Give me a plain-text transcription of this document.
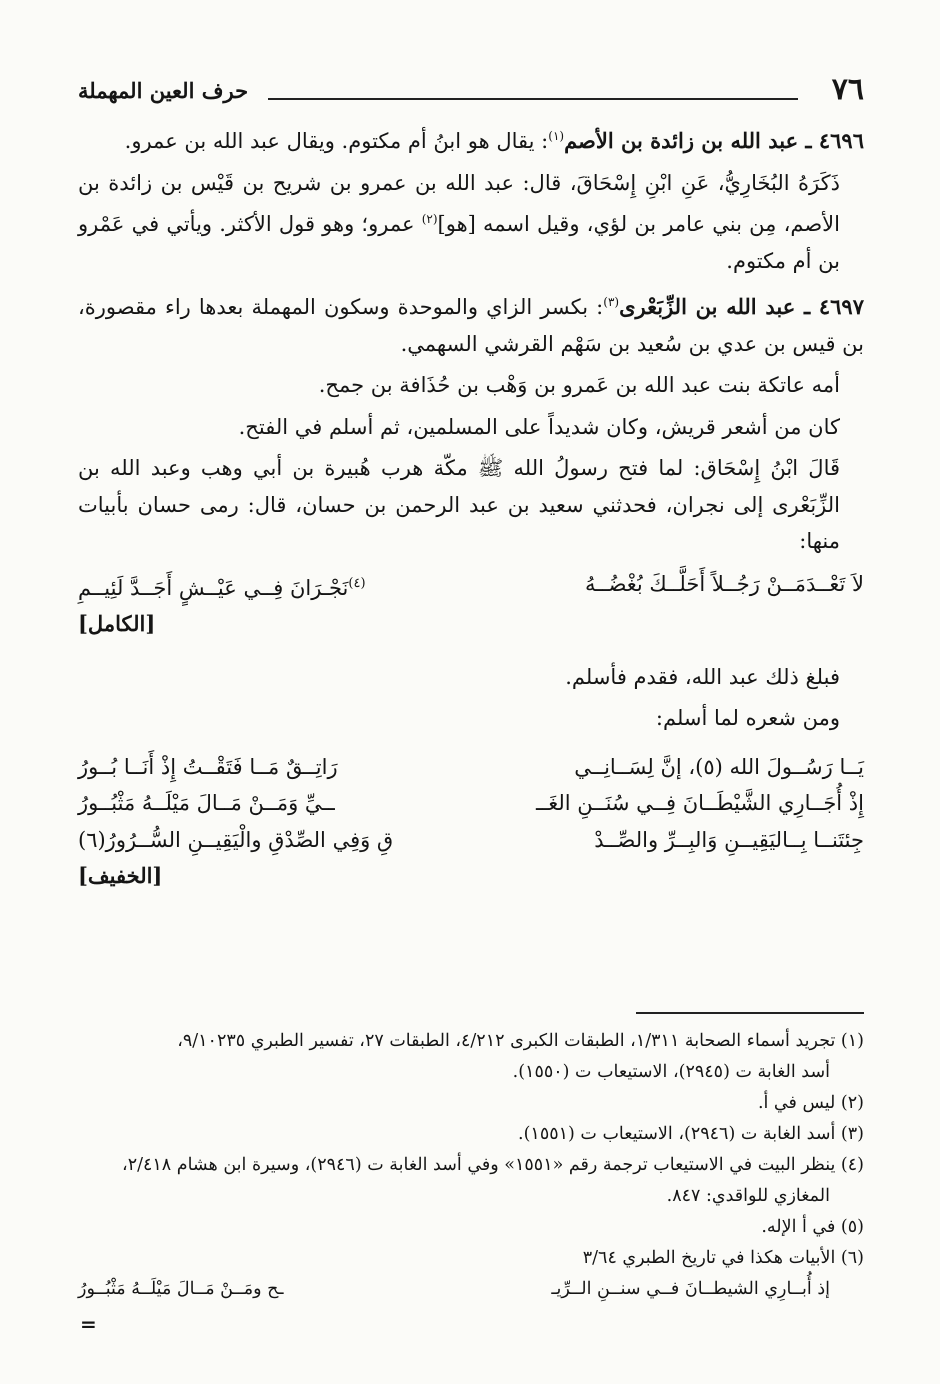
٧٦
حرف العين المهملة

٤٦٩٦ ـ عبد الله بن زائدة بن الأصم$^{(١)}$: يقال هو ابنُ أم مكتوم. ويقال عبد الله بن عمرو.

ذَكَرَهُ البُخَارِيُّ، عَنِ ابْنِ إِسْحَاقَ، قال: عبد الله بن عمرو بن شريح بن قَيْس بن زائدة بن الأصم، مِن بني عامر بن لؤي، وقيل اسمه [هو]$^{(٢)}$ عمرو؛ وهو قول الأكثر. ويأتي في عَمْرو بن أم مكتوم.

٤٦٩٧ ـ عبد الله بن الزِّبَعْرى$^{(٣)}$: بكسر الزاي والموحدة وسكون المهملة بعدها راء مقصورة، بن قيس بن عدي بن سُعيد بن سَهْم القرشي السهمي.

أمه عاتكة بنت عبد الله بن عَمرو بن وَهْب بن حُذَافة بن جمح.

كان من أشعر قريش، وكان شديداً على المسلمين، ثم أسلم في الفتح.

قَالَ ابْنُ إِسْحَاق: لما فتح رسولُ الله ﷺ مكّة هرب هُبيرة بن أبي وهب وعبد الله بن الزِّبَعْرى إلى نجران، فحدثني سعيد بن عبد الرحمن بن حسان، قال: رمى حسان بأبيات منها:

لاَ تَعْــدَمَــنْ رَجُــلاً أَحَلَّــكَ بُغْضُــهُ
$^{(٤)}$نَجْـرَانَ فِــي عَيْــشٍ أَجَــدَّ لَئِيــمِ
[الكامل]

فبلغ ذلك عبد الله، فقدم فأسلم.

ومن شعره لما أسلم:

يَــا رَسُــولَ الله (٥)، إنَّ لِسَــانِــي
رَاتِــقٌ مَــا فَتَقْــتُ إِذْ أَنَــا بُــورُ
إِذْ أُجَــارِي الشَّيْطَــانَ فِــي سُنَــنِ الغَــ
ــيِّ وَمَــنْ مَــالَ مَيْلَــهُ مَثْبُــورُ
جِئتَنــا بِــاليَقِيــنِ وَالبِــرِّ والصِّــدْ
قِ وَفِي الصِّدْقِ والْيَقِيــنِ السُّــرُورُ(٦)
[الخفيف]
(١) تجريد أسماء الصحابة ١/٣١١، الطبقات الكبرى ٤/٢١٢، الطبقات ٢٧، تفسير الطبري ٩/١٠٢٣٥،
أسد الغابة ت (٢٩٤٥)، الاستيعاب ت (١٥٥٠).
(٢) ليس في أ.
(٣) أسد الغابة ت (٢٩٤٦)، الاستيعاب ت (١٥٥١).
(٤) ينظر البيت في الاستيعاب ترجمة رقم «١٥٥١» وفي أسد الغابة ت (٢٩٤٦)، وسيرة ابن هشام ٢/٤١٨،
المغازي للواقدي: ٨٤٧.
(٥) في أ الإله.
(٦) الأبيات هكذا في تاريخ الطبري ٣/٦٤
إذ أُبــارِي الشيطــانَ فــي سنــنِ الــرِّيـ
ـح ومَــنْ مَــالَ مَيْلَــهُ مَثْبُــورُ
=
